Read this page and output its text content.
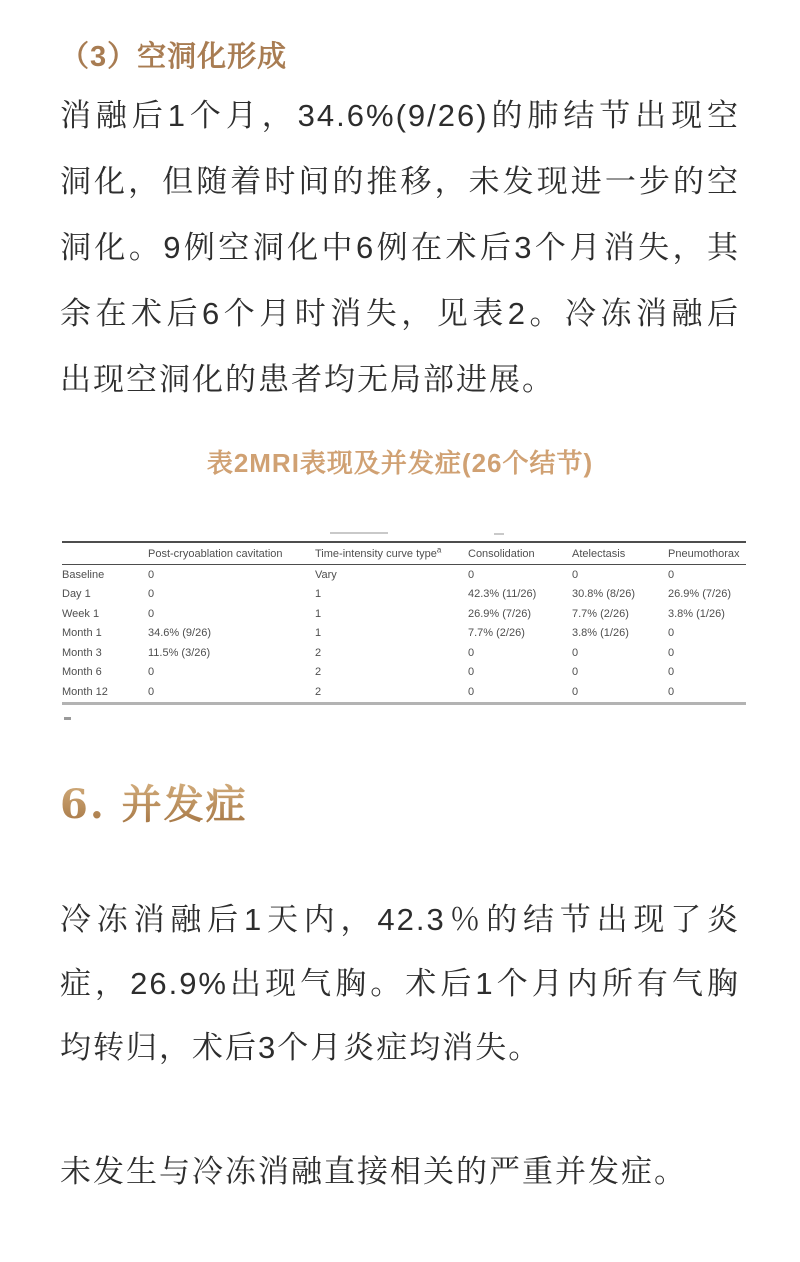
（3）空洞化形成
消融后1个月，34.6%(9/26)的肺结节出现空
洞化，但随着时间的推移，未发现进一步的空
洞化。9例空洞化中6例在术后3个月消失，其
余在术后6个月时消失，见表2。冷冻消融后
出现空洞化的患者均无局部进展。
表2MRI表现及并发症(26个结节)
	Post-cryoablation cavitation	Time-intensity curve type$^a$	Consolidation	Atelectasis	Pneumothorax
Baseline	0	Vary	0	0	0
Day 1	0	1	42.3% (11/26)	30.8% (8/26)	26.9% (7/26)
Week 1	0	1	26.9% (7/26)	7.7% (2/26)	3.8% (1/26)
Month 1	34.6% (9/26)	1	7.7% (2/26)	3.8% (1/26)	0
Month 3	11.5% (3/26)	2	0	0	0
Month 6	0	2	0	0	0
Month 12	0	2	0	0	0
6. 并发症
冷冻消融后1天内，42.3％的结节出现了炎
症，26.9%出现气胸。术后1个月内所有气胸
均转归，术后3个月炎症均消失。
未发生与冷冻消融直接相关的严重并发症。
